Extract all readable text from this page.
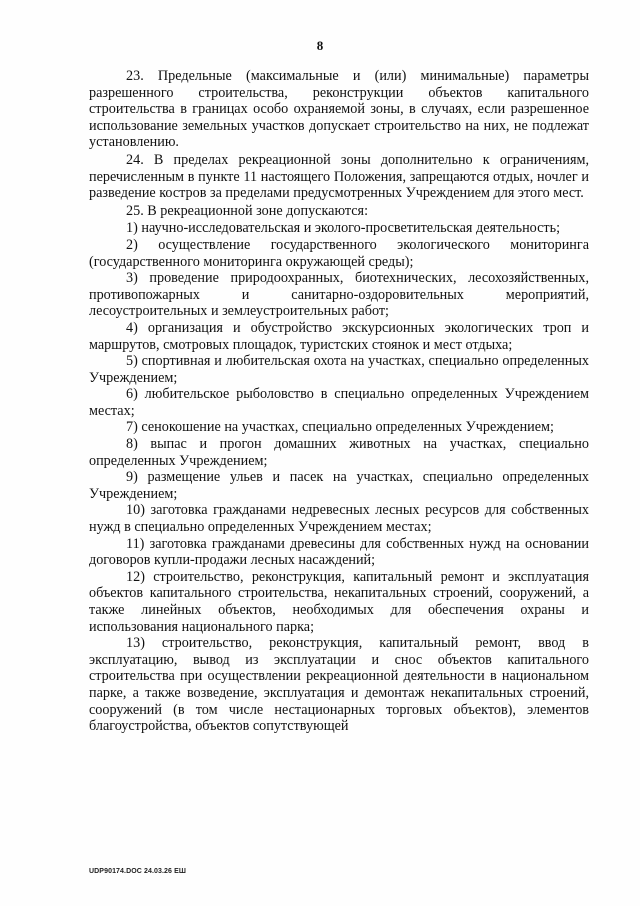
8

23. Предельные (максимальные и (или) минимальные) параметры разрешенного строительства, реконструкции объектов капитального строительства в границах особо охраняемой зоны, в случаях, если разрешенное использование земельных участков допускает строительство на них, не подлежат установлению.

24. В пределах рекреационной зоны дополнительно к ограничениям, перечисленным в пункте 11 настоящего Положения, запрещаются отдых, ночлег и разведение костров за пределами предусмотренных Учреждением для этого мест.

25. В рекреационной зоне допускаются:

1) научно-исследовательская и эколого-просветительская деятельность;

2) осуществление государственного экологического мониторинга (государственного мониторинга окружающей среды);

3) проведение природоохранных, биотехнических, лесохозяйственных, противопожарных и санитарно-оздоровительных мероприятий, лесоустроительных и землеустроительных работ;

4) организация и обустройство экскурсионных экологических троп и маршрутов, смотровых площадок, туристских стоянок и мест отдыха;

5) спортивная и любительская охота на участках, специально определенных Учреждением;

6) любительское рыболовство в специально определенных Учреждением местах;

7) сенокошение на участках, специально определенных Учреждением;

8) выпас и прогон домашних животных на участках, специально определенных Учреждением;

9) размещение ульев и пасек на участках, специально определенных Учреждением;

10) заготовка гражданами недревесных лесных ресурсов для собственных нужд в специально определенных Учреждением местах;

11) заготовка гражданами древесины для собственных нужд на основании договоров купли-продажи лесных насаждений;

12) строительство, реконструкция, капитальный ремонт и эксплуатация объектов капитального строительства, некапитальных строений, сооружений, а также линейных объектов, необходимых для обеспечения охраны и использования национального парка;

13) строительство, реконструкция, капитальный ремонт, ввод в эксплуатацию, вывод из эксплуатации и снос объектов капитального строительства при осуществлении рекреационной деятельности в национальном парке, а также возведение, эксплуатация и демонтаж некапитальных строений, сооружений (в том числе нестационарных торговых объектов), элементов благоустройства, объектов сопутствующей

UDP90174.DOC 24.03.26 ЕШ
